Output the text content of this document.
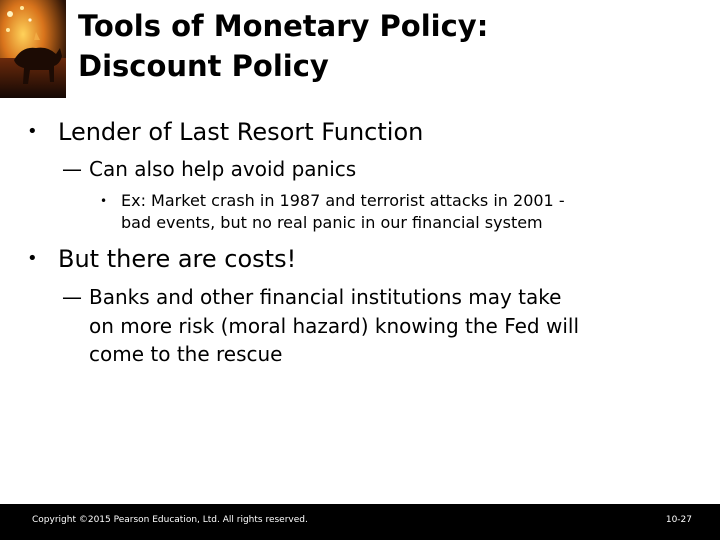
Tools of Monetary Policy:
Discount Policy
• Lender of Last Resort Function
— Can also help avoid panics
• Ex: Market crash in 1987 and terrorist attacks in 2001 -
bad events, but no real panic in our financial system
• But there are costs!
— Banks and other financial institutions may take
on more risk (moral hazard) knowing the Fed will
come to the rescue
Copyright ©2015 Pearson Education, Ltd. All rights reserved.	10-27
